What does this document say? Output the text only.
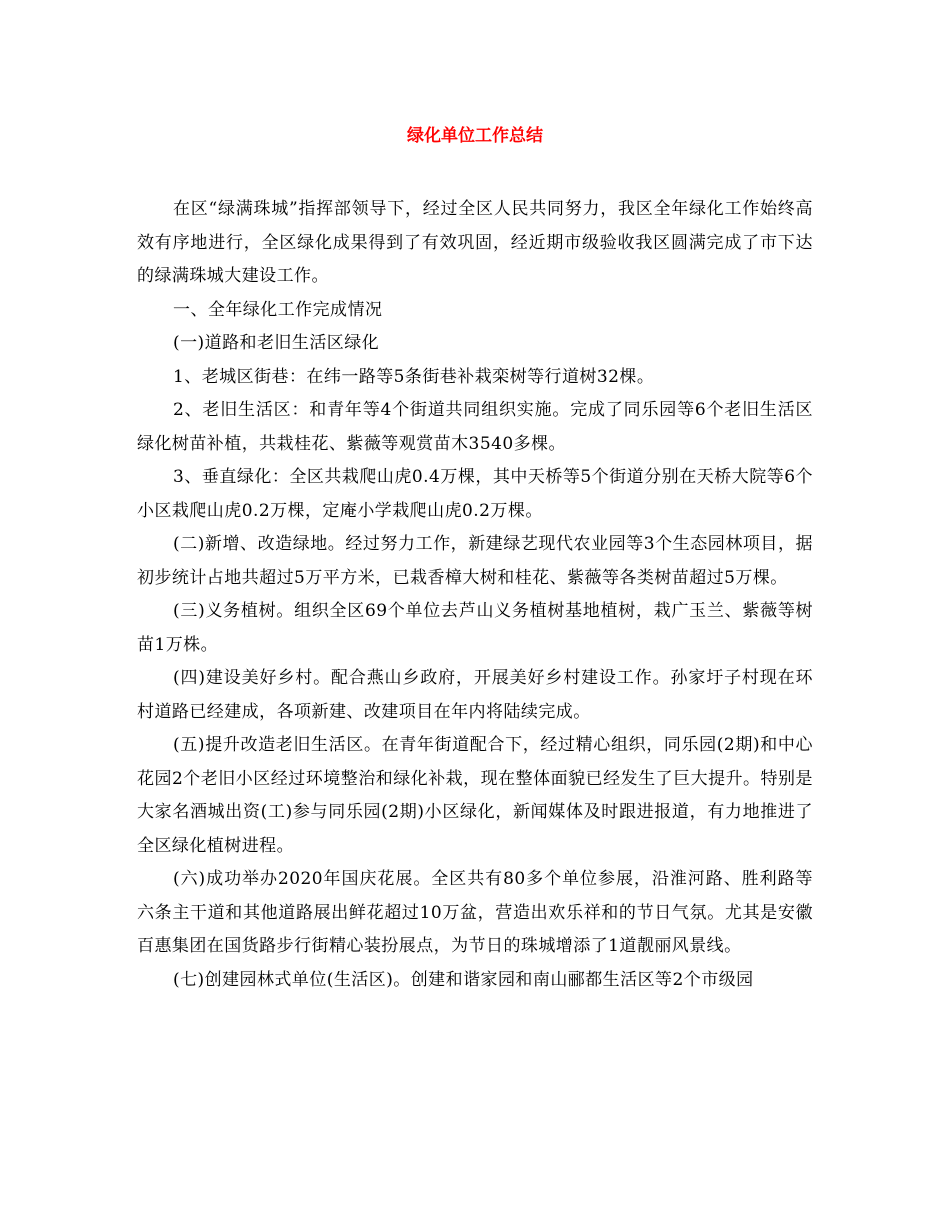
绿化单位工作总结

在区“绿满珠城”指挥部领导下，经过全区人民共同努力，我区全年绿化工作始终高效有序地进行，全区绿化成果得到了有效巩固，经近期市级验收我区圆满完成了市下达的绿满珠城大建设工作。

一、全年绿化工作完成情况

(一)道路和老旧生活区绿化

1、老城区街巷：在纬一路等5条街巷补栽栾树等行道树32棵。

2、老旧生活区：和青年等4个街道共同组织实施。完成了同乐园等6个老旧生活区绿化树苗补植，共栽桂花、紫薇等观赏苗木3540多棵。

3、垂直绿化：全区共栽爬山虎0.4万棵，其中天桥等5个街道分别在天桥大院等6个小区栽爬山虎0.2万棵，定庵小学栽爬山虎0.2万棵。

(二)新增、改造绿地。经过努力工作，新建绿艺现代农业园等3个生态园林项目，据初步统计占地共超过5万平方米，已栽香樟大树和桂花、紫薇等各类树苗超过5万棵。

(三)义务植树。组织全区69个单位去芦山义务植树基地植树，栽广玉兰、紫薇等树苗1万株。

(四)建设美好乡村。配合燕山乡政府，开展美好乡村建设工作。孙家圩子村现在环村道路已经建成，各项新建、改建项目在年内将陆续完成。

(五)提升改造老旧生活区。在青年街道配合下，经过精心组织，同乐园(2期)和中心花园2个老旧小区经过环境整治和绿化补栽，现在整体面貌已经发生了巨大提升。特别是大家名酒城出资(工)参与同乐园(2期)小区绿化，新闻媒体及时跟进报道，有力地推进了全区绿化植树进程。

(六)成功举办2020年国庆花展。全区共有80多个单位参展，沿淮河路、胜利路等六条主干道和其他道路展出鲜花超过10万盆，营造出欢乐祥和的节日气氛。尤其是安徽百惠集团在国货路步行街精心装扮展点，为节日的珠城增添了1道靓丽风景线。

(七)创建园林式单位(生活区)。创建和谐家园和南山郦都生活区等2个市级园
